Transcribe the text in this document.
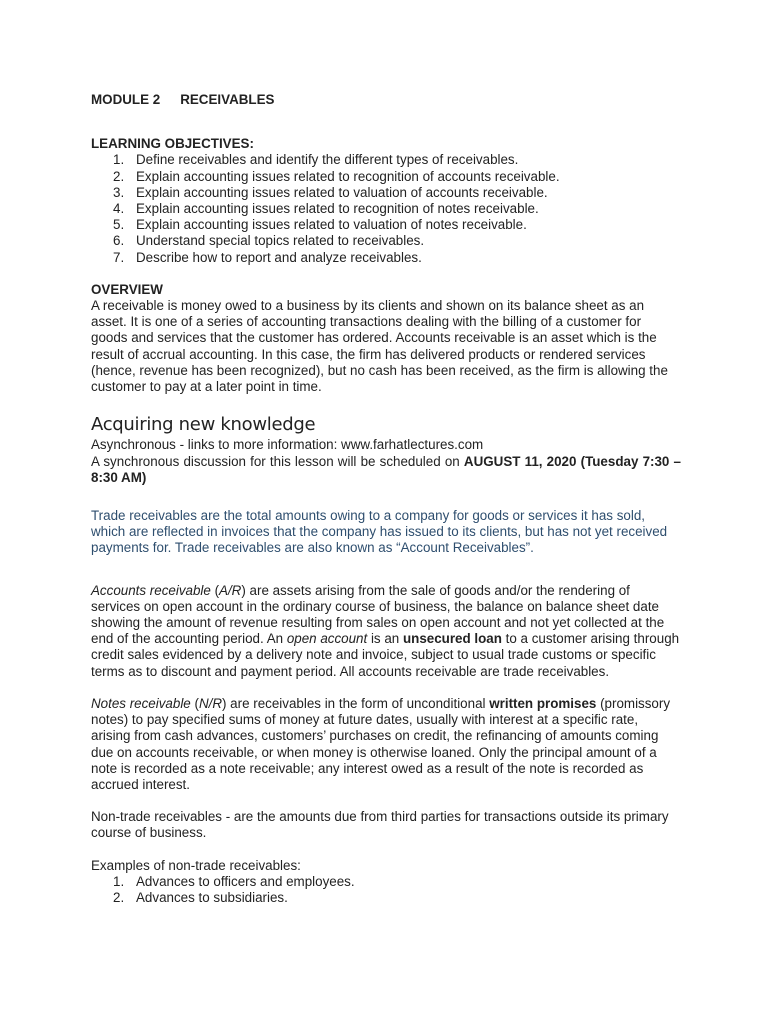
MODULE 2 RECEIVABLES

LEARNING OBJECTIVES:
1. Define receivables and identify the different types of receivables.
2. Explain accounting issues related to recognition of accounts receivable.
3. Explain accounting issues related to valuation of accounts receivable.
4. Explain accounting issues related to recognition of notes receivable.
5. Explain accounting issues related to valuation of notes receivable.
6. Understand special topics related to receivables.
7. Describe how to report and analyze receivables.
OVERVIEW
A receivable is money owed to a business by its clients and shown on its balance sheet as an asset. It is one of a series of accounting transactions dealing with the billing of a customer for goods and services that the customer has ordered. Accounts receivable is an asset which is the result of accrual accounting. In this case, the firm has delivered products or rendered services (hence, revenue has been recognized), but no cash has been received, as the firm is allowing the customer to pay at a later point in time.
Acquiring new knowledge
Asynchronous - links to more information: www.farhatlectures.com
A synchronous discussion for this lesson will be scheduled on AUGUST 11, 2020 (Tuesday 7:30 – 8:30 AM)
Trade receivables are the total amounts owing to a company for goods or services it has sold, which are reflected in invoices that the company has issued to its clients, but has not yet received payments for. Trade receivables are also known as “Account Receivables”.
Accounts receivable (A/R) are assets arising from the sale of goods and/or the rendering of services on open account in the ordinary course of business, the balance on balance sheet date showing the amount of revenue resulting from sales on open account and not yet collected at the end of the accounting period. An open account is an unsecured loan to a customer arising through credit sales evidenced by a delivery note and invoice, subject to usual trade customs or specific terms as to discount and payment period. All accounts receivable are trade receivables.
Notes receivable (N/R) are receivables in the form of unconditional written promises (promissory notes) to pay specified sums of money at future dates, usually with interest at a specific rate, arising from cash advances, customers’ purchases on credit, the refinancing of amounts coming due on accounts receivable, or when money is otherwise loaned. Only the principal amount of a note is recorded as a note receivable; any interest owed as a result of the note is recorded as accrued interest.
Non-trade receivables - are the amounts due from third parties for transactions outside its primary course of business.
Examples of non-trade receivables:
1. Advances to officers and employees.
2. Advances to subsidiaries.
